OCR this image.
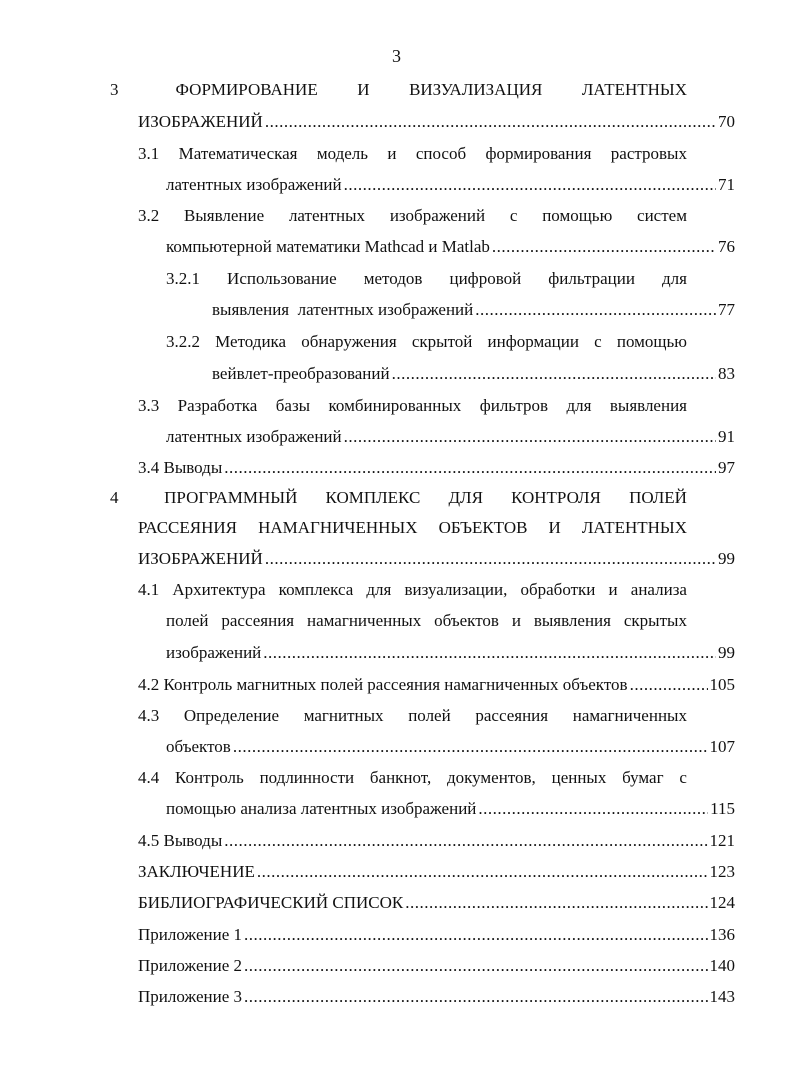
3
3	ФОРМИРОВАНИЕ И ВИЗУАЛИЗАЦИЯ ЛАТЕНТНЫХ
ИЗОБРАЖЕНИЙ .....	70
3.1 Математическая модель и способ формирования растровых
латентных изображений .....	71
3.2 Выявление латентных изображений с помощью систем
компьютерной математики Mathcad и Matlab .....	76
3.2.1 Использование методов цифровой фильтрации для
выявления  латентных изображений .....	77
3.2.2 Методика обнаружения скрытой информации с помощью
вейвлет-преобразований .....	83
3.3 Разработка базы комбинированных фильтров для выявления
латентных изображений .....	91
3.4 Выводы .....	97
4	ПРОГРАММНЫЙ КОМПЛЕКС ДЛЯ КОНТРОЛЯ ПОЛЕЙ
РАССЕЯНИЯ НАМАГНИЧЕННЫХ ОБЪЕКТОВ И ЛАТЕНТНЫХ
ИЗОБРАЖЕНИЙ .....	99
4.1 Архитектура комплекса для визуализации, обработки и анализа
полей рассеяния намагниченных объектов и выявления скрытых
изображений .....	99
4.2 Контроль магнитных полей рассеяния намагниченных объектов .....	105
4.3 Определение магнитных полей рассеяния намагниченных
объектов .....	107
4.4 Контроль подлинности банкнот, документов, ценных бумаг с
помощью анализа латентных изображений .....	115
4.5 Выводы .....	121
ЗАКЛЮЧЕНИЕ .....	123
БИБЛИОГРАФИЧЕСКИЙ СПИСОК .....	124
Приложение 1 .....	136
Приложение 2 .....	140
Приложение 3 .....	143
